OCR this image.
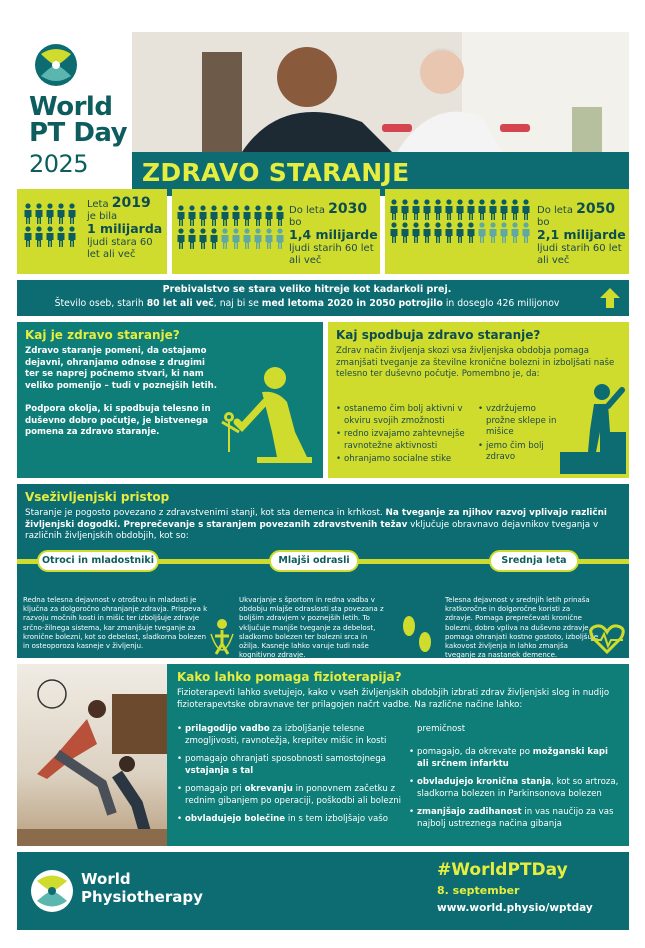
World
PT Day
2025 ZDRAVO STARANJE
Leta 2019
je bila
1 milijarda
ljudi stara 60
let ali več
Do leta 2030 bo
1,4 milijarde
ljudi starih 60 let
ali več
Do leta 2050 bo
2,1 milijarde
ljudi starih 60 let
ali več
Prebivalstvo se stara veliko hitreje kot kadarkoli prej.
Število oseb, starih 80 let ali več, naj bi se med letoma 2020 in 2050 potrojilo in doseglo 426 milijonov
Kaj je zdravo staranje?
Zdravo staranje pomeni, da ostajamo dejavni, ohranjamo odnose z drugimi ter se naprej počnemo stvari, ki nam veliko pomenijo – tudi v poznejših letih.
Podpora okolja, ki spodbuja telesno in duševno dobro počutje, je bistvenega pomena za zdravo staranje.
Kaj spodbuja zdravo staranje?
Zdrav način življenja skozi vsa življenjska obdobja pomaga zmanjšati tveganje za številne kronične bolezni in izboljšati naše telesno ter duševno počutje. Pomembno je, da:
• ostanemo čim bolj aktivni v okviru svojih zmožnosti
• redno izvajamo zahtevnejše ravnotežne aktivnosti
• ohranjamo socialne stike
• vzdržujemo prožne sklepe in mišice
• jemo čim bolj zdravo
Vseživljenjski pristop
Staranje je pogosto povezano z zdravstvenimi stanji, kot sta demenca in krhkost. Na tveganje za njihov razvoj vplivajo različni življenjski dogodki. Preprečevanje s staranjem povezanih zdravstvenih težav vključuje obravnavo dejavnikov tveganja v različnih življenjskih obdobjih, kot so:
Otroci in mladostniki	Mlajši odrasli	Srednja leta
Redna telesna dejavnost v otroštvu in mladosti je ključna za dolgoročno ohranjanje zdravja. Prispeva k razvoju močnih kosti in mišic ter izboljšuje zdravje srčno-žilnega sistema, kar zmanjšuje tveganje za kronične bolezni, kot so debelost, sladkorna bolezen in osteoporoza kasneje v življenju.
Ukvarjanje s športom in redna vadba v obdobju mlajše odraslosti sta povezana z boljšim zdravjem v poznejših letih. To vključuje manjše tveganje za debelost, sladkorno bolezen ter bolezni srca in ožilja. Kasneje lahko varuje tudi naše kognitivno zdravje.
Telesna dejavnost v srednjih letih prinaša kratkoročne in dolgoročne koristi za zdravje. Pomaga preprečevati kronične bolezni, dobro vpliva na duševno zdravje, pomaga ohranjati kostno gostoto, izboljšuje kakovost življenja in lahko zmanjša tveganje za nastanek demence.
Kako lahko pomaga fizioterapija?
Fizioterapevti lahko svetujejo, kako v vseh življenjskih obdobjih izbrati zdrav življenjski slog in nudijo fizioterapevtske obravnave ter prilagojen načrt vadbe. Na različne načine lahko:
• prilagodijo vadbo za izboljšanje telesne zmogljivosti, ravnotežja, krepitev mišic in kosti
• pomagajo ohranjati sposobnosti samostojnega vstajanja s tal
• pomagajo pri okrevanju in ponovnem začetku z rednim gibanjem po operaciji, poškodbi ali bolezni
• obvladujejo bolečine in s tem izboljšajo vašo
premičnost
• pomagajo, da okrevate po možganski kapi ali srčnem infarktu
• obvladujejo kronična stanja, kot so artroza, sladkorna bolezen in Parkinsonova bolezen
• zmanjšajo zadihanost in vas naučijo za vas najbolj ustreznega načina gibanja
World
Physiotherapy
#WorldPTDay
8. september
www.world.physio/wptday
